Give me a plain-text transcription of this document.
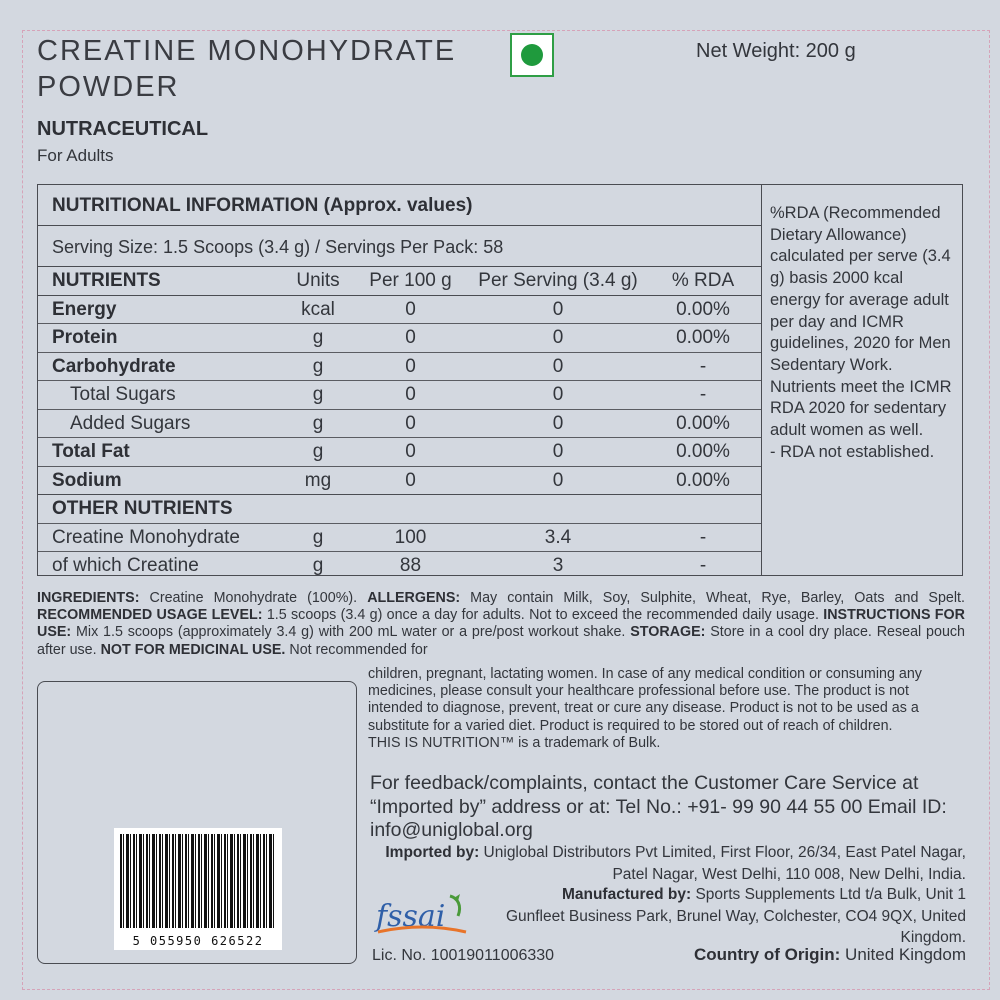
CREATINE MONOHYDRATE POWDER
Net Weight: 200 g
NUTRACEUTICAL
For Adults
NUTRITIONAL INFORMATION (Approx. values)
Serving Size: 1.5 Scoops (3.4 g) / Servings Per Pack: 58
NUTRIENTS	Units	Per 100 g	Per Serving (3.4 g)	% RDA
Energy	kcal	0	0	0.00%
Protein	g	0	0	0.00%
Carbohydrate	g	0	0	-
Total Sugars	g	0	0	-
Added Sugars	g	0	0	0.00%
Total Fat	g	0	0	0.00%
Sodium	mg	0	0	0.00%
OTHER NUTRIENTS
Creatine Monohydrate	g	100	3.4	-
of which Creatine	g	88	3	-
%RDA (Recommended Dietary Allowance) calculated per serve (3.4 g) basis 2000 kcal energy for average adult per day and ICMR guidelines, 2020 for Men Sedentary Work. Nutrients meet the ICMR RDA 2020 for sedentary adult women as well.
- RDA not established.
INGREDIENTS: Creatine Monohydrate (100%). ALLERGENS: May contain Milk, Soy, Sulphite, Wheat, Rye, Barley, Oats and Spelt. RECOMMENDED USAGE LEVEL: 1.5 scoops (3.4 g) once a day for adults. Not to exceed the recommended daily usage. INSTRUCTIONS FOR USE: Mix 1.5 scoops (approximately 3.4 g) with 200 mL water or a pre/post workout shake. STORAGE: Store in a cool dry place. Reseal pouch after use. NOT FOR MEDICINAL USE. Not recommended for
children, pregnant, lactating women. In case of any medical condition or consuming any medicines, please consult your healthcare professional before use. The product is not intended to diagnose, prevent, treat or cure any disease. Product is not to be used as a substitute for a varied diet. Product is required to be stored out of reach of children.
THIS IS NUTRITION™ is a trademark of Bulk.
For feedback/complaints, contact the Customer Care Service at “Imported by” address or at: Tel No.: +91- 99 90 44 55 00 Email ID: info@uniglobal.org
Imported by: Uniglobal Distributors Pvt Limited, First Floor, 26/34, East Patel Nagar, Patel Nagar, West Delhi, 110 008, New Delhi, India.
Manufactured by: Sports Supplements Ltd t/a Bulk, Unit 1 Gunfleet Business Park, Brunel Way, Colchester, CO4 9QX, United Kingdom.
5 055950 626522
fssai
Lic. No. 10019011006330	Country of Origin: United Kingdom
